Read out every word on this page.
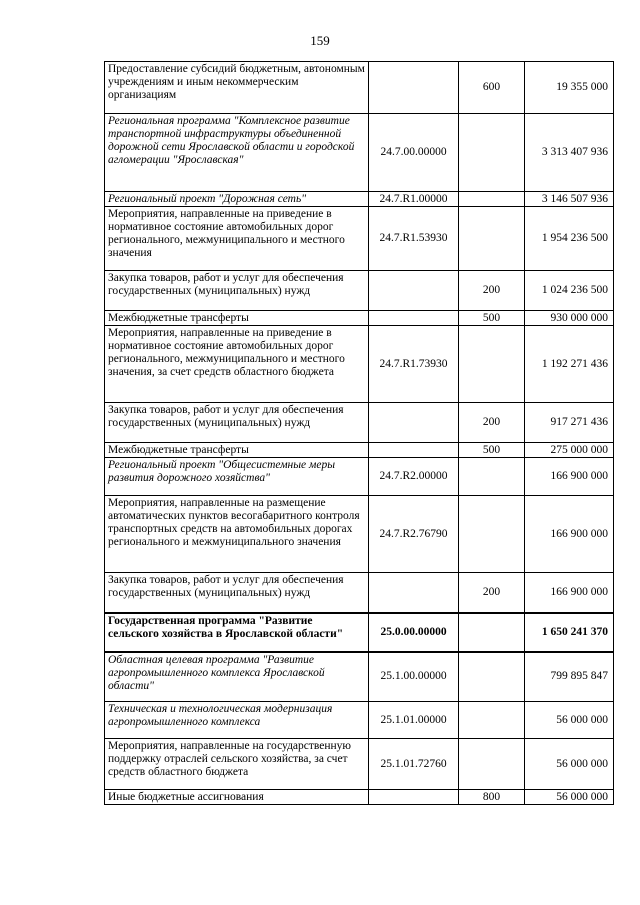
159
Предоставление субсидий бюджетным, автономным учреждениям и иным некоммерческим организациям		600	19 355 000
Региональная программа "Комплексное развитие транспортной инфраструктуры объединенной дорожной сети Ярославской области и городской агломерации "Ярославская"	24.7.00.00000		3 313 407 936
Региональный проект "Дорожная сеть"	24.7.R1.00000		3 146 507 936
Мероприятия, направленные на приведение в нормативное состояние автомобильных дорог регионального, межмуниципального и местного значения	24.7.R1.53930		1 954 236 500
Закупка товаров, работ и услуг для обеспечения государственных (муниципальных) нужд		200	1 024 236 500
Межбюджетные трансферты		500	930 000 000
Мероприятия, направленные на приведение в нормативное состояние автомобильных дорог регионального, межмуниципального и местного значения, за счет средств областного бюджета	24.7.R1.73930		1 192 271 436
Закупка товаров, работ и услуг для обеспечения государственных (муниципальных) нужд		200	917 271 436
Межбюджетные трансферты		500	275 000 000
Региональный проект "Общесистемные меры развития дорожного хозяйства"	24.7.R2.00000		166 900 000
Мероприятия, направленные на размещение автоматических пунктов весогабаритного контроля транспортных средств на автомобильных дорогах регионального и межмуниципального значения	24.7.R2.76790		166 900 000
Закупка товаров, работ и услуг для обеспечения государственных (муниципальных) нужд		200	166 900 000
Государственная программа "Развитие сельского хозяйства в Ярославской области"	25.0.00.00000		1 650 241 370
Областная целевая программа "Развитие агропромышленного комплекса Ярославской области"	25.1.00.00000		799 895 847
Техническая и технологическая модернизация агропромышленного комплекса	25.1.01.00000		56 000 000
Мероприятия, направленные на государственную поддержку отраслей сельского хозяйства, за счет средств областного бюджета	25.1.01.72760		56 000 000
Иные бюджетные ассигнования		800	56 000 000
